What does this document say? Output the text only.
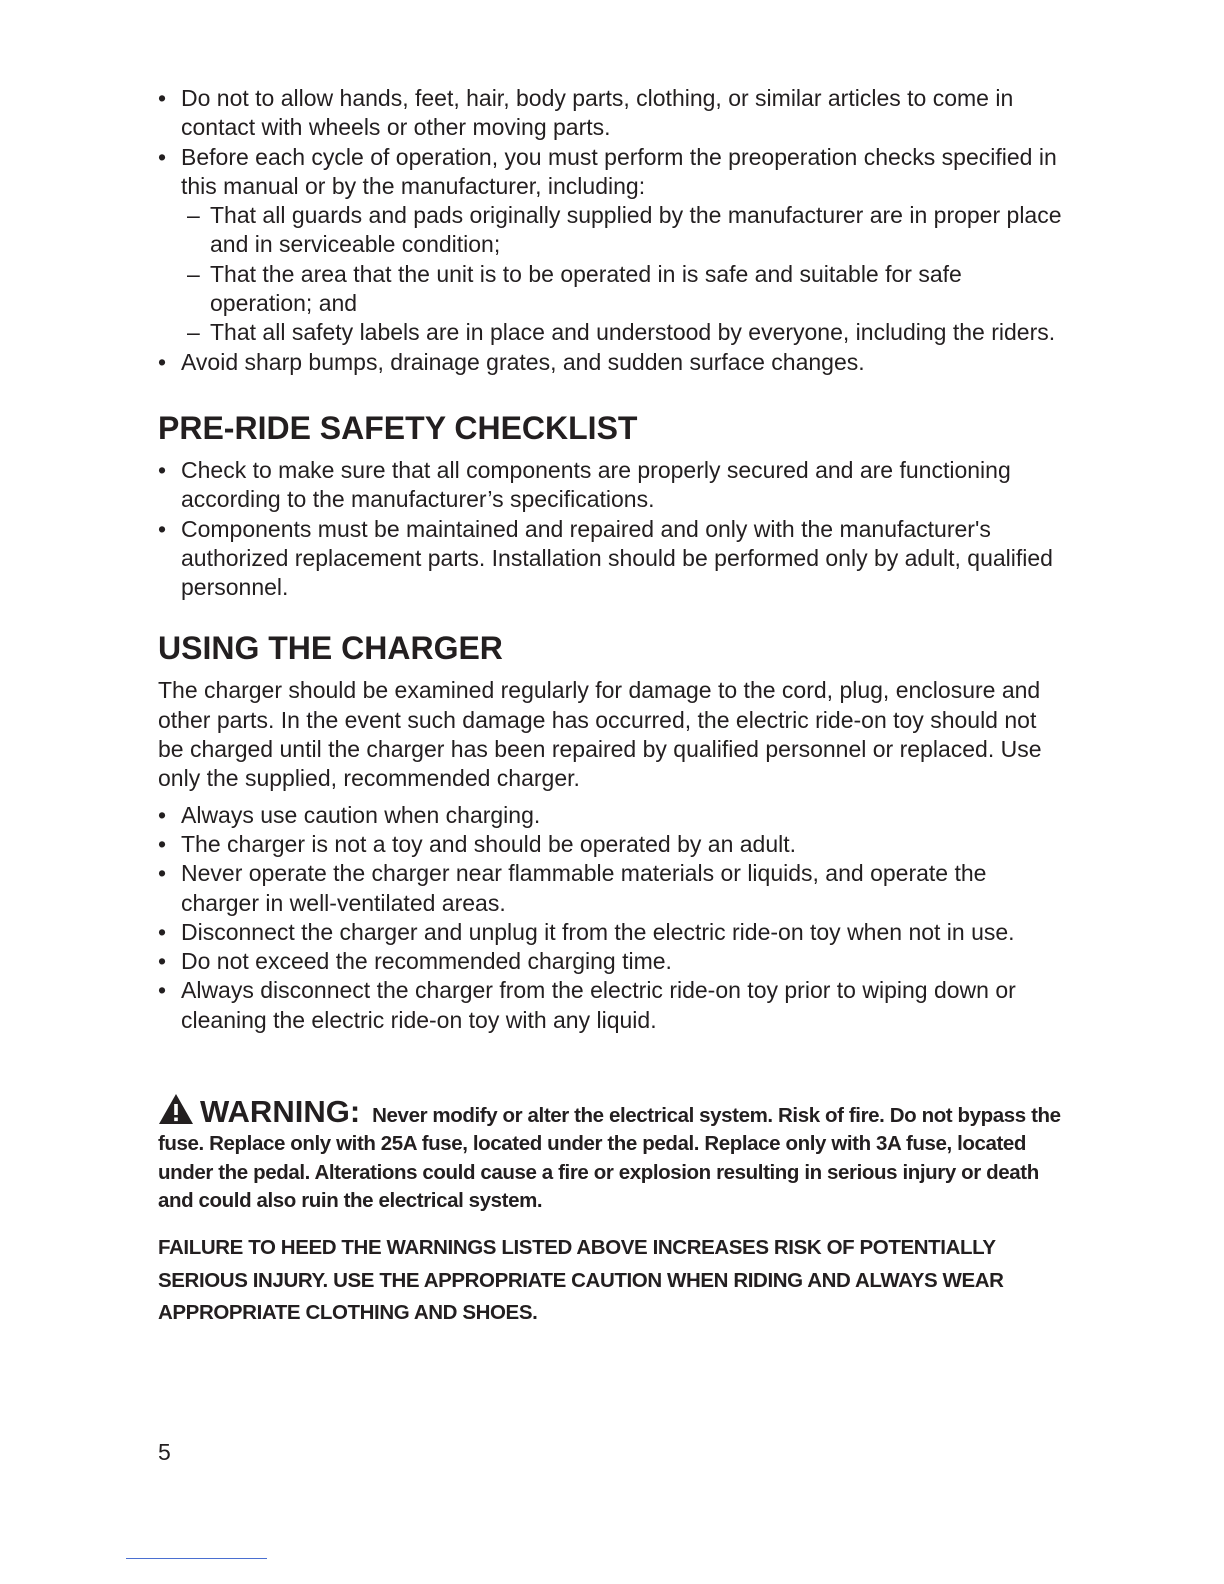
• Do not to allow hands, feet, hair, body parts, clothing, or similar articles to come in contact with wheels or other moving parts.
• Before each cycle of operation, you must perform the preoperation checks specified in this manual or by the manufacturer, including:
– That all guards and pads originally supplied by the manufacturer are in proper place and in serviceable condition;
– That the area that the unit is to be operated in is safe and suitable for safe operation; and
– That all safety labels are in place and understood by everyone, including the riders.
• Avoid sharp bumps, drainage grates, and sudden surface changes.
PRE-RIDE SAFETY CHECKLIST
• Check to make sure that all components are properly secured and are functioning according to the manufacturer’s specifications.
• Components must be maintained and repaired and only with the manufacturer's authorized replacement parts. Installation should be performed only by adult, qualified personnel.
USING THE CHARGER

The charger should be examined regularly for damage to the cord, plug, enclosure and other parts. In the event such damage has occurred, the electric ride-on toy should not be charged until the charger has been repaired by qualified personnel or replaced. Use only the supplied, recommended charger.

• Always use caution when charging.
• The charger is not a toy and should be operated by an adult.
• Never operate the charger near flammable materials or liquids, and operate the charger in well-ventilated areas.
• Disconnect the charger and unplug it from the electric ride-on toy when not in use.
• Do not exceed the recommended charging time.
• Always disconnect the charger from the electric ride-on toy prior to wiping down or cleaning the electric ride-on toy with any liquid.
WARNING: Never modify or alter the electrical system. Risk of fire. Do not bypass the fuse. Replace only with 25A fuse, located under the pedal. Replace only with 3A fuse, located under the pedal. Alterations could cause a fire or explosion resulting in serious injury or death and could also ruin the electrical system.
FAILURE TO HEED THE WARNINGS LISTED ABOVE INCREASES RISK OF POTENTIALLY SERIOUS INJURY. USE THE APPROPRIATE CAUTION WHEN RIDING AND ALWAYS WEAR APPROPRIATE CLOTHING AND SHOES.
5
